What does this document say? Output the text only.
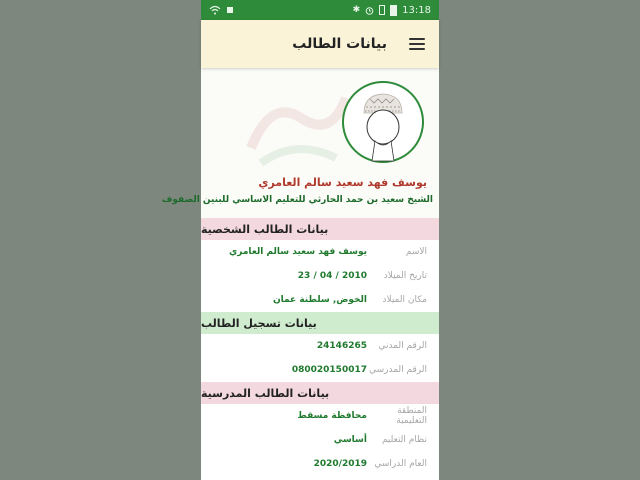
✱	13:18
بيانات الطالب
يوسف فهد سعيد سالم العامري
الشيخ سعيد بن حمد الحارثي للتعليم الاساسي للبنين الصفوف
بيانات الطالب الشخصية
الاسم
يوسف فهد سعيد سالم العامري
تاريخ الميلاد
23 / 04 / 2010
مكان الميلاد
الخوض, سلطنة عمان
بيانات تسجيل الطالب
الرقم المدني
24146265
الرقم المدرسي
080020150017
بيانات الطالب المدرسية
المنطقة التعليمية
محافظة مسقط
نظام التعليم
أساسي
العام الدراسي
2020/2019
